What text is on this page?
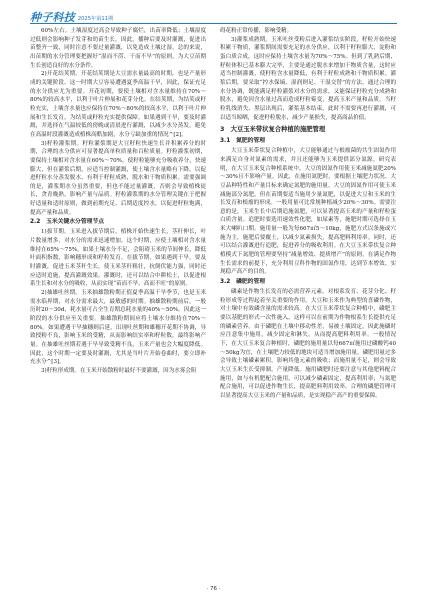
种子科技 2025年第11期

60%左右。土壤湿度过高会导致种子腐烂，出苗率降低；土壤湿度过低则会影响种子发芽和幼苗生长。因此，播种后要及时灌溉，促进出苗整齐一致，同时注意不要过量灌溉，以免造成土壤过湿。总的来说，出苗期的水分管理要把握好“湿而不涝、干而不旱”的原则，为大豆苗期生长创造良好的水分条件。

2)开花结荚期。开花结荚期是大豆需水量最高的时期，也是产量形成的关键阶段。这一时期大豆容易遭遇夏季高温干旱，因此，保证充足的水分供应尤为重要。开花初期，要使土壤相对含水量维持在70%～80%的较高水平，以利于叶片伸展和花芽分化。在结荚期，为结荚或籽粒充实，土壤含水量也应保持在70%～80%的较高水平，以利于叶片伸展和生长发育，为结荚或籽粒充实提供保障。如果遇到干旱，要及时灌溉，并选择在气温较低的傍晚或清晨进行灌溉，以减少水分蒸发，避免在高温时段灌溉造成植株高酷加剧，水分亏缺加重的情况^[2]。

3)籽粒灌浆期。籽粒灌浆期是大豆籽粒快速生长并积累养分的时期，合理的水分供应可显著提高单粒质量和百粒质量。籽粒灌浆初期，要保持土壤相对含水量在60%～70%，使籽粒能够充分吸收养分，快速膨大，但在灌浆后期，应适当控制灌溉，使土壤含水量略有下降，以促进籽粒水分蒸发脱水，有利于籽粒成熟，脱水和干物质积累。需要强调的是，灌浆期水分虽然重要，但也不能过量灌溉，否则会导致植株徒长，贪青晚熟，影响产量与品质。籽粒灌浆期的水分管理关键在于把握好适量和适时原则，做到前期充足、后期适度控水，以促进籽粒饱满，提高产量和品质。

2.2　玉米关键水分管理节点

1)拔节期。玉米进入拔节期后，植株开始快速生长，茎秆伸长，叶片数量增多，对水分的需求迅速增加。这个时期，应使土壤相对含水量维持在65%～75%，如果土壤水分不足，会阻碍玉米的节间伸长，降低叶面积指数，影响穗形成和籽粒发育。在拔节期，如果遇到干旱，要及时灌溉，促进玉米茎秆生长，使玉米茎秆粗壮，抗倒伏能力强，同时还应适时追施，提高灌溉效果。灌溉时，还可以结合中耕松土，以促进根系生长和对水分的吸收，从而实现“苗而不旱、高而不旺”的原则。

2)抽雄吐丝期。玉米抽雄散粉期正值夏季高温干旱季节，也是玉米需水临界期，对水分需求最大，最敏感的时期。抽雄散粉期前后，一般历时20～30d，耗水量可占全生育期总耗水量的40%～50%。因此这一阶段的水分供应至关重要。抽雄散粉期间应将土壤水分维持在70%～80%。如果遭遇干旱抽穗则后延，出现吐丝期和雄穗开花期不协调，导致授粉不良，影响玉米的受精，从而影响结实率和籽粒数，最终影响产量。在抽雄吐丝期若遇干旱导致受精不良，玉米产量也会大幅度降低。因此，这个时期一定要及时灌溉，尤其是当叶片开始卷曲时，要立即补充水分^[3]。

3)籽粒形成期。在玉米开始散粉时最好不要灌溉，因为水雾会阻

碍花粉正常传播，影响受精。

3)灌浆成熟期。玉米吐丝受粉后进入灌浆结实阶段，籽粒开始快速积累干物质，灌浆期间需要充足的水分供应，以利于籽粒膨大、淀粉和蛋白质合成，这时应保持土壤含水量为70%～75%。但到了乳熟后期，籽粒体积已基本膨大完毕，主要是通过脱水来增加干物质含量，这时应适当控制灌溉，使籽粒含水量降低，有利于籽粒成熟和干物质积累。灌浆后期，要采取“控水保墒、湿润则足、干湿交替”的方法，通过合理的水分协调，既能满足籽粒灌浆对水分的需求，又能保证籽粒充分成熟和脱水，避免因含水量过高而造成籽粒霉变，提高玉米产量和品质。当籽粒乳线消失、黑层出现后，灌浆基本结束，此时不需要再进行灌溉，可以适当晾晒，促进籽粒脱水，减少产量损失，提高商品价值。

3　大豆玉米带状复合种植的施肥管理
3.1　氮肥的管理

大豆玉米带状复合种植中，大豆能够通过与根瘤菌的共生固氮作用来满足自身对氮素的需求，并且还能够为玉米提供部分氮源。研究表明，在大豆玉米复合种植系统中，大豆的固氮作用使玉米减施氮肥20%～30%且不影响产量。因此，在施用氮肥时，要根据土壤肥力状况、大豆品种特性和产量目标来确定氮肥的施用量。大豆的固氮作用可使玉米减施部分氮肥，但在苗期要适当施用少量氮肥，以促进大豆和玉米的生长发育和根瘤的形成。一般用量可比常规种植减少20%～30%。需要注意的是，玉米生长中后期追施氮肥，可以显著提高玉米的产量和籽粒蛋白质含量。追肥时要选用速效性化肥，如尿素等，施肥时期可选择在玉米大喇叭口期。施用量一般为每667㎡5～10kg，施肥方式以条施或穴施为主，施肥后要覆土，以减少氮素损失，提高肥料利用率。同时，还可以结合灌溉进行追肥，促进养分的吸收利用。在大豆玉米带状复合种植模式下氮肥的管理要坚持“减量增效、提质增产”的原则，在满足作物生长需求的前提下，充分利用豆科作物的固氮作用，达到节本增效、实现稳产高产的目的。

3.2　磷肥的管理

磷素是作物生长发育的必需营养元素，对根系发育、花芽分化、籽粒形成等过程起着至关重要的作用。大豆和玉米作为典型的喜磷作物，对土壤中有效磷含量的需求较高。在大豆玉米带状复合种植中，磷肥主要以基肥的形式一次性施入，这样可以在前期为作物根系生长提供充足的磷素营养。由于磷肥在土壤中移动性差，易被土壤固定，因此施磷时应注意集中施用，减少固定和淋失，从而提高肥料利用率。一般情况下，在大豆玉米复合种植时，磷肥的施用量以每667㎡施用过磷酸钙40～50kg为宜，在土壤肥力较低的地块可适当增加施用量。磷肥用量过多会导致土壤磷素累积，影响其他元素的吸收；而施用量不足，则会导致大豆玉米生长受抑制，产量降低。施用磷肥时还要注意与其他肥料配合施用，如与有机肥配合施用，可以减少磷素固定，提高利用率；与氮肥配合施用，可以促进作物生长，提高肥料利用效率。合理的磷肥管理可以显著提高大豆玉米的产量和品质，是实现稳产高产的重要保障。

· 76 ·
